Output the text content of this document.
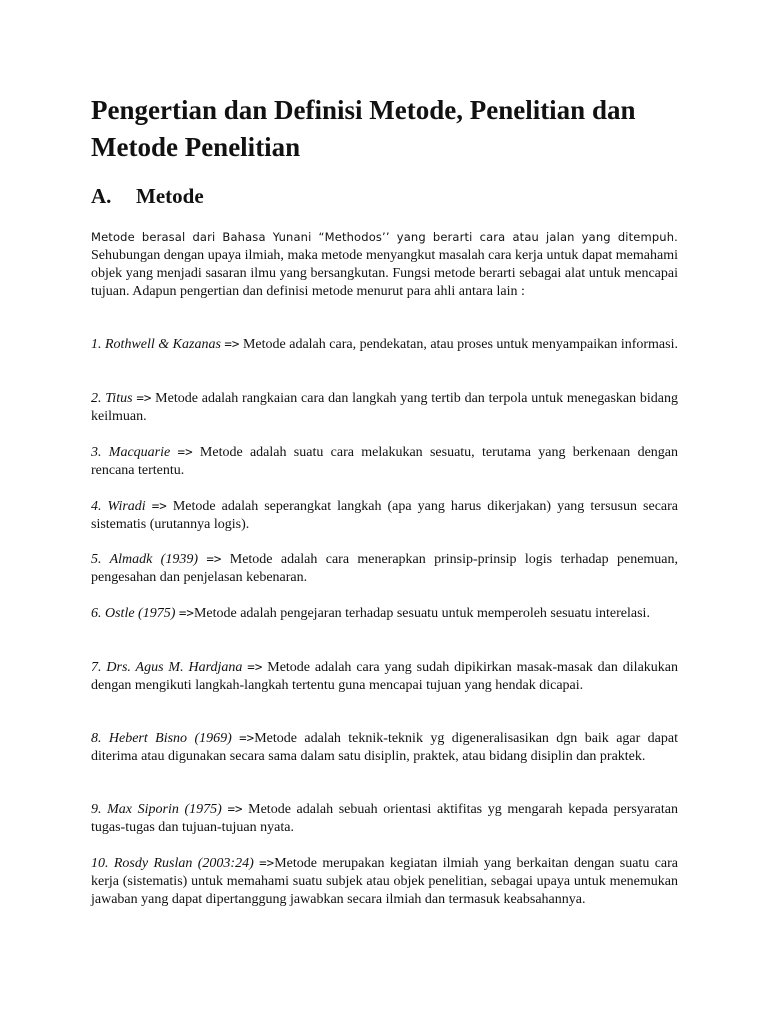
Pengertian dan Definisi Metode, Penelitian dan Metode Penelitian
A. Metode

Metode berasal dari Bahasa Yunani “Methodos’’ yang berarti cara atau jalan yang ditempuh. Sehubungan dengan upaya ilmiah, maka metode menyangkut masalah cara kerja untuk dapat memahami objek yang menjadi sasaran ilmu yang bersangkutan. Fungsi metode berarti sebagai alat untuk mencapai tujuan. Adapun pengertian dan definisi metode menurut para ahli antara lain :

1. Rothwell & Kazanas => Metode adalah cara, pendekatan, atau proses untuk menyampaikan informasi.

2. Titus => Metode adalah rangkaian cara dan langkah yang tertib dan terpola untuk menegaskan bidang keilmuan.

3. Macquarie => Metode adalah suatu cara melakukan sesuatu, terutama yang berkenaan dengan rencana tertentu.

4. Wiradi => Metode adalah seperangkat langkah (apa yang harus dikerjakan) yang tersusun secara sistematis (urutannya logis).

5. Almadk (1939) => Metode adalah cara menerapkan prinsip-prinsip logis terhadap penemuan, pengesahan dan penjelasan kebenaran.

6. Ostle (1975) =>Metode adalah pengejaran terhadap sesuatu untuk memperoleh sesuatu interelasi.

7. Drs. Agus M. Hardjana => Metode adalah cara yang sudah dipikirkan masak-masak dan dilakukan dengan mengikuti langkah-langkah tertentu guna mencapai tujuan yang hendak dicapai.

8. Hebert Bisno (1969) =>Metode adalah teknik-teknik yg digeneralisasikan dgn baik agar dapat diterima atau digunakan secara sama dalam satu disiplin, praktek, atau bidang disiplin dan praktek.

9. Max Siporin (1975) => Metode adalah sebuah orientasi aktifitas yg mengarah kepada persyaratan tugas-tugas dan tujuan-tujuan nyata.

10. Rosdy Ruslan (2003:24) =>Metode merupakan kegiatan ilmiah yang berkaitan dengan suatu cara kerja (sistematis) untuk memahami suatu subjek atau objek penelitian, sebagai upaya untuk menemukan jawaban yang dapat dipertanggung jawabkan secara ilmiah dan termasuk keabsahannya.
